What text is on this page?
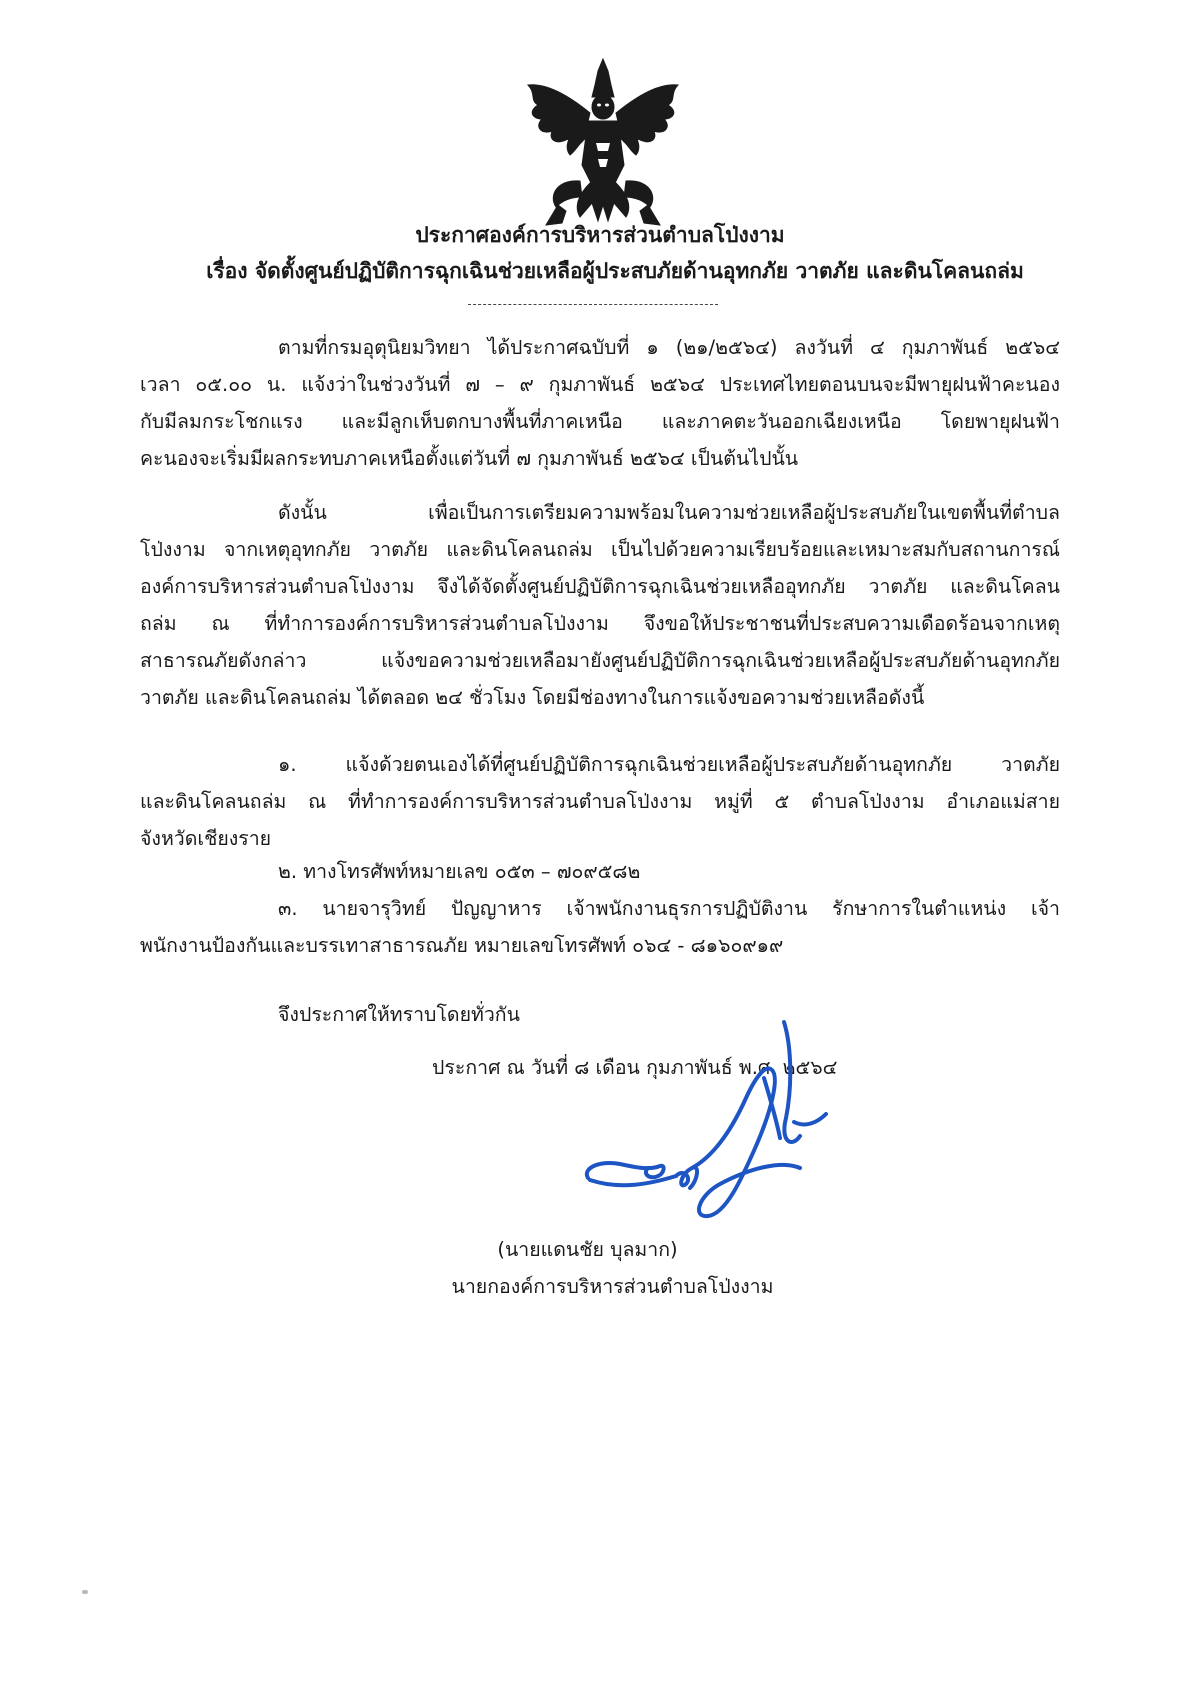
ประกาศองค์การบริหารส่วนตำบลโป่งงาม
เรื่อง จัดตั้งศูนย์ปฏิบัติการฉุกเฉินช่วยเหลือผู้ประสบภัยด้านอุทกภัย วาตภัย และดินโคลนถล่ม
ตามที่กรมอุตุนิยมวิทยา ได้ประกาศฉบับที่ ๑ (๒๑/๒๕๖๔) ลงวันที่ ๔ กุมภาพันธ์ ๒๕๖๔
เวลา ๐๕.๐๐ น. แจ้งว่าในช่วงวันที่ ๗ – ๙ กุมภาพันธ์ ๒๕๖๔ ประเทศไทยตอนบนจะมีพายุฝนฟ้าคะนอง
กับมีลมกระโชกแรง และมีลูกเห็บตกบางพื้นที่ภาคเหนือ และภาคตะวันออกเฉียงเหนือ โดยพายุฝนฟ้า
คะนองจะเริ่มมีผลกระทบภาคเหนือตั้งแต่วันที่ ๗ กุมภาพันธ์ ๒๕๖๔ เป็นต้นไปนั้น
ดังนั้น เพื่อเป็นการเตรียมความพร้อมในความช่วยเหลือผู้ประสบภัยในเขตพื้นที่ตำบล
โป่งงาม จากเหตุอุทกภัย วาตภัย และดินโคลนถล่ม เป็นไปด้วยความเรียบร้อยและเหมาะสมกับสถานการณ์
องค์การบริหารส่วนตำบลโป่งงาม จึงได้จัดตั้งศูนย์ปฏิบัติการฉุกเฉินช่วยเหลืออุทกภัย วาตภัย และดินโคลน
ถล่ม ณ ที่ทำการองค์การบริหารส่วนตำบลโป่งงาม จึงขอให้ประชาชนที่ประสบความเดือดร้อนจากเหตุ
สาธารณภัยดังกล่าว แจ้งขอความช่วยเหลือมายังศูนย์ปฏิบัติการฉุกเฉินช่วยเหลือผู้ประสบภัยด้านอุทกภัย
วาตภัย และดินโคลนถล่ม ได้ตลอด ๒๔ ชั่วโมง โดยมีช่องทางในการแจ้งขอความช่วยเหลือดังนี้
๑. แจ้งด้วยตนเองได้ที่ศูนย์ปฏิบัติการฉุกเฉินช่วยเหลือผู้ประสบภัยด้านอุทกภัย วาตภัย
และดินโคลนถล่ม ณ ที่ทำการองค์การบริหารส่วนตำบลโป่งงาม หมู่ที่ ๕ ตำบลโป่งงาม อำเภอแม่สาย
จังหวัดเชียงราย
๒. ทางโทรศัพท์หมายเลข ๐๕๓ – ๗๐๙๕๘๒
๓. นายจารุวิทย์ ปัญญาหาร เจ้าพนักงานธุรการปฏิบัติงาน รักษาการในตำแหน่ง เจ้า
พนักงานป้องกันและบรรเทาสาธารณภัย หมายเลขโทรศัพท์ ๐๖๔ - ๘๑๖๐๙๑๙
จึงประกาศให้ทราบโดยทั่วกัน
ประกาศ ณ วันที่ ๘ เดือน กุมภาพันธ์ พ.ศ. ๒๕๖๔
(นายแดนชัย บุลมาก)
นายกองค์การบริหารส่วนตำบลโป่งงาม
